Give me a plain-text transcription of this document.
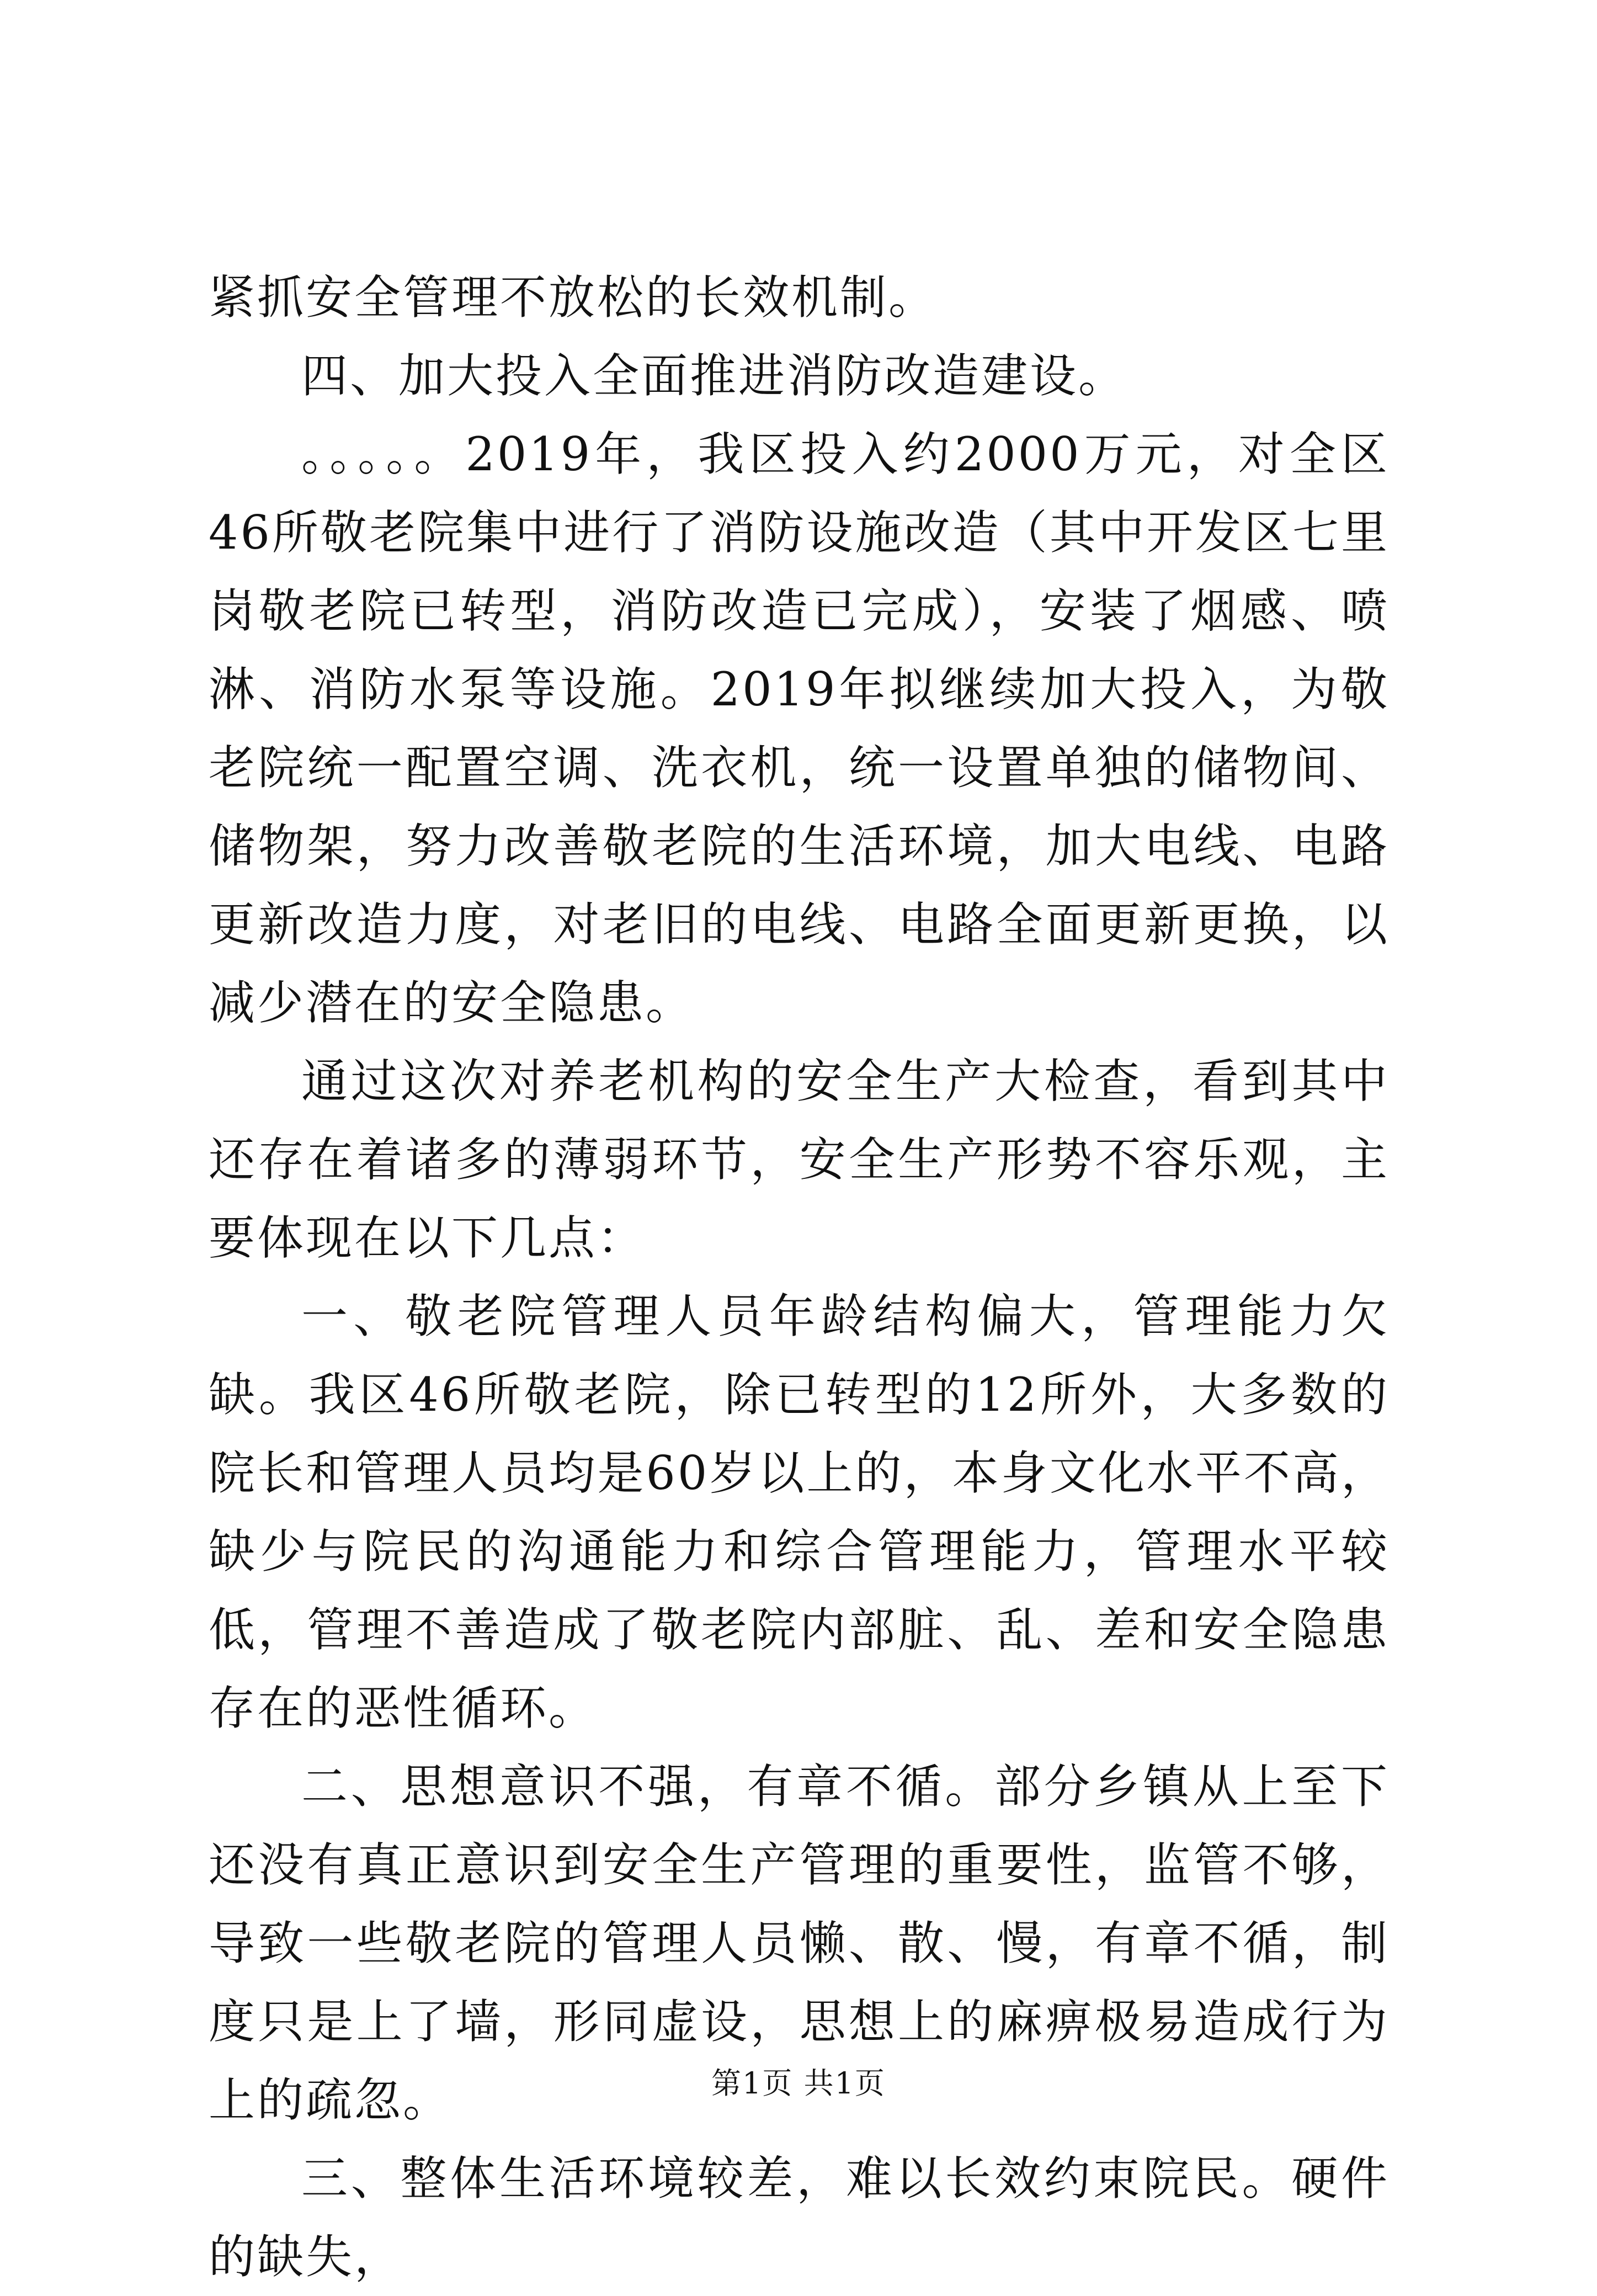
紧抓安全管理不放松的长效机制。

四、加大投入全面推进消防改造建设。

。。。。。2019年，我区投入约2000万元，对全区46所敬老院集中进行了消防设施改造（其中开发区七里岗敬老院已转型，消防改造已完成），安装了烟感、喷淋、消防水泵等设施。2019年拟继续加大投入，为敬老院统一配置空调、洗衣机，统一设置单独的储物间、储物架，努力改善敬老院的生活环境，加大电线、电路更新改造力度，对老旧的电线、电路全面更新更换，以减少潜在的安全隐患。

通过这次对养老机构的安全生产大检查，看到其中还存在着诸多的薄弱环节，安全生产形势不容乐观，主要体现在以下几点：

一、敬老院管理人员年龄结构偏大，管理能力欠缺。我区46所敬老院，除已转型的12所外，大多数的院长和管理人员均是60岁以上的，本身文化水平不高，缺少与院民的沟通能力和综合管理能力，管理水平较低，管理不善造成了敬老院内部脏、乱、差和安全隐患存在的恶性循环。

二、思想意识不强，有章不循。部分乡镇从上至下还没有真正意识到安全生产管理的重要性，监管不够，导致一些敬老院的管理人员懒、散、慢，有章不循，制度只是上了墙，形同虚设，思想上的麻痹极易造成行为上的疏忽。

三、整体生活环境较差，难以长效约束院民。硬件的缺失，

第1页 共1页
